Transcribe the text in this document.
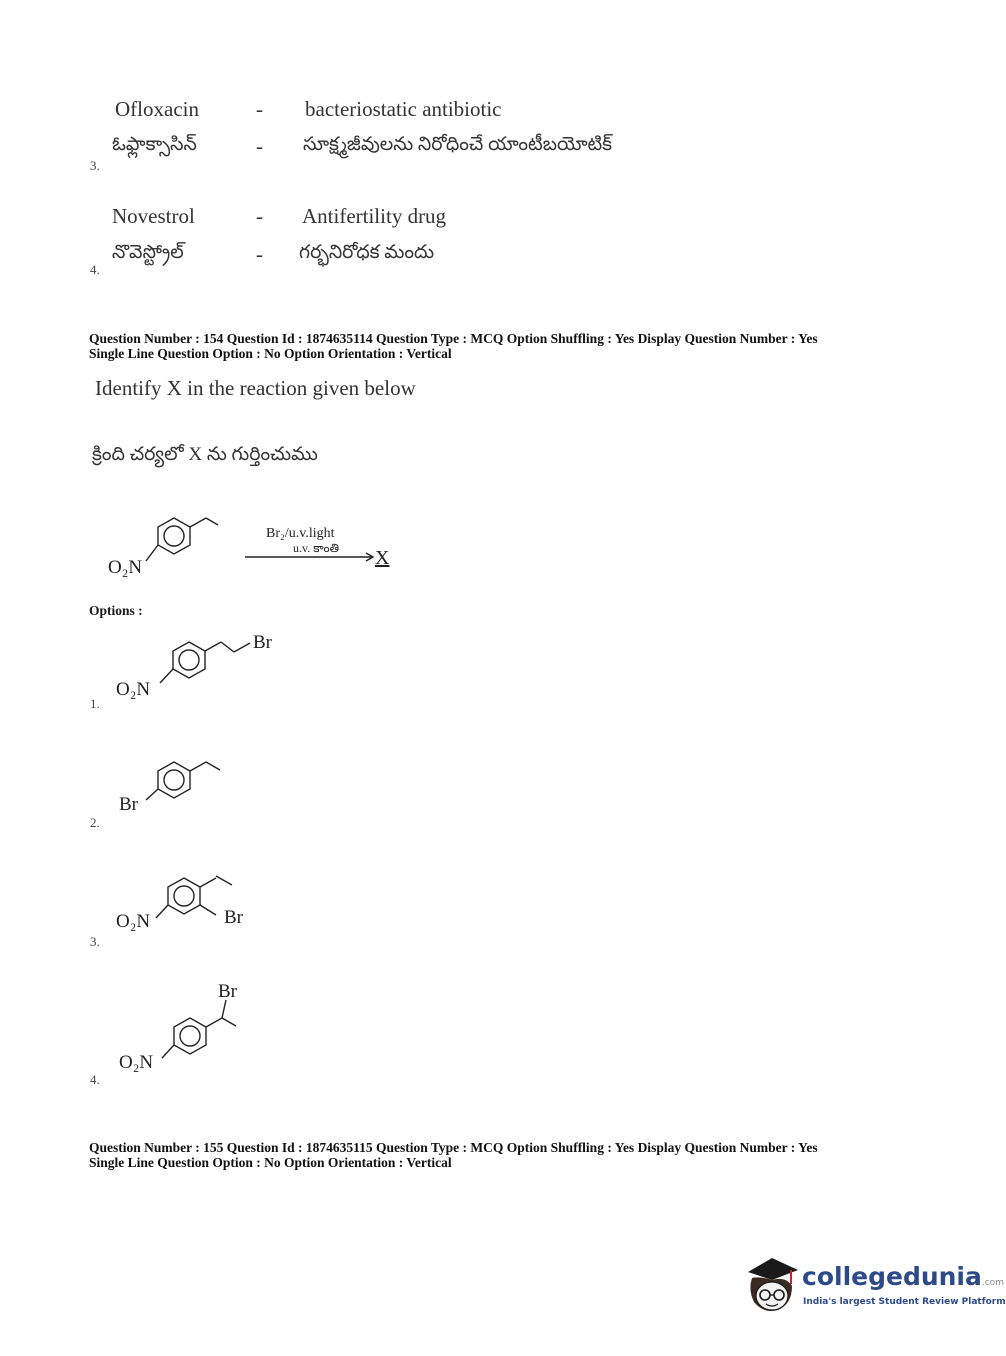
Ofloxacin	- bacteriostatic antibiotic
ఓఫ్లాక్సాసిన్	- సూక్ష్మజీవులను నిరోధించే యాంటీబయోటిక్
3.
Novestrol	- Antifertility drug
నొవెస్ట్రోల్	- గర్భనిరోధక మందు
4.
Question Number : 154 Question Id : 1874635114 Question Type : MCQ Option Shuffling : Yes Display Question Number : Yes
Single Line Question Option : No Option Orientation : Vertical
Identify X in the reaction given below
క్రింది చర్యలో X ను గుర్తించుము
O₂N
Br₂/u.v.light
u.v. కాంతి X
Options :
O₂N
Br
1.
Br
2.
O₂N	Br
3.
O₂N
Br
4.
Question Number : 155 Question Id : 1874635115 Question Type : MCQ Option Shuffling : Yes Display Question Number : Yes
Single Line Question Option : No Option Orientation : Vertical
collegedunia.com
India's largest Student Review Platform
